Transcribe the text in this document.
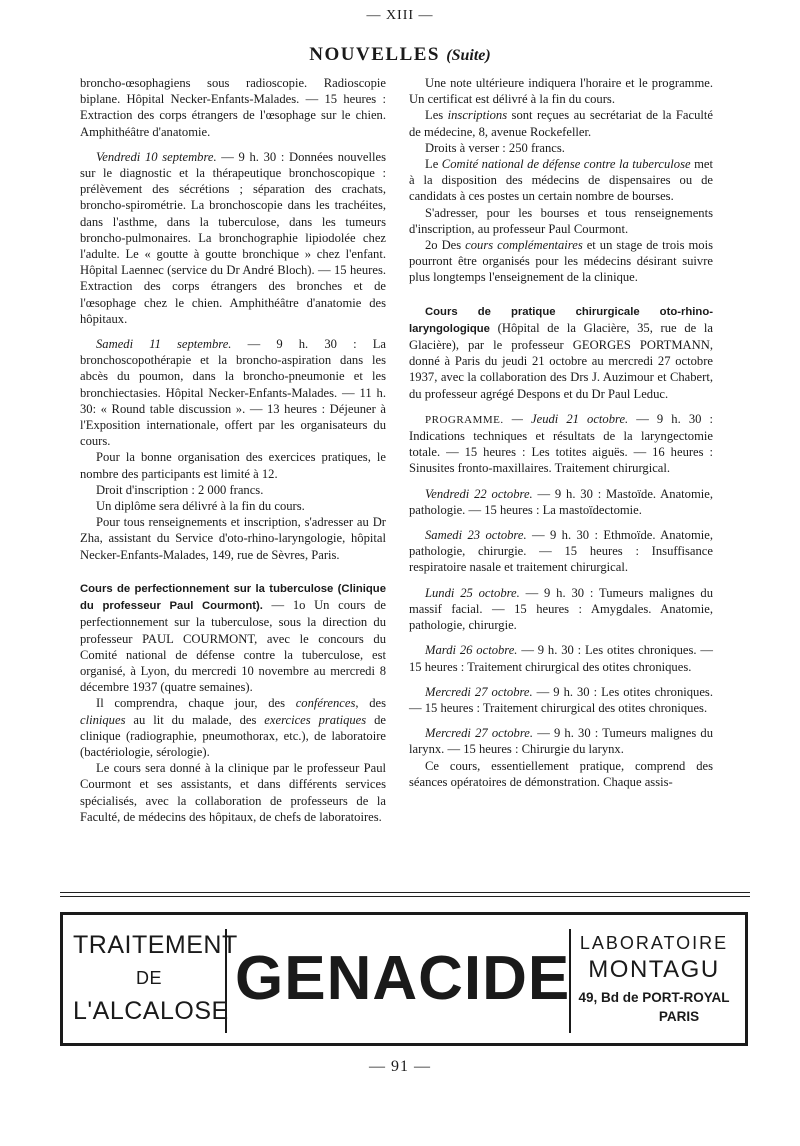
— XIII —
NOUVELLES (Suite)

broncho-œsophagiens sous radioscopie. Radioscopie biplane. Hôpital Necker-Enfants-Malades. — 15 heures : Extraction des corps étrangers de l'œsophage sur le chien. Amphithéâtre d'anatomie.

Vendredi 10 septembre. — 9 h. 30 : Données nouvelles sur le diagnostic et la thérapeutique bronchoscopique : prélèvement des sécrétions ; séparation des crachats, broncho-spirométrie. La bronchoscopie dans les trachéites, dans l'asthme, dans la tuberculose, dans les tumeurs broncho-pulmonaires. La bronchographie lipiodolée chez l'adulte. Le « goutte à goutte bronchique » chez l'enfant. Hôpital Laennec (service du Dr André Bloch). — 15 heures. Extraction des corps étrangers des bronches et de l'œsophage chez le chien. Amphithéâtre d'anatomie des hôpitaux.

Samedi 11 septembre. — 9 h. 30 : La bronchoscopothérapie et la broncho-aspiration dans les abcès du poumon, dans la broncho-pneumonie et les bronchiectasies. Hôpital Necker-Enfants-Malades. — 11 h. 30: « Round table discussion ». — 13 heures : Déjeuner à l'Exposition internationale, offert par les organisateurs du cours.

Pour la bonne organisation des exercices pratiques, le nombre des participants est limité à 12.

Droit d'inscription : 2 000 francs.

Un diplôme sera délivré à la fin du cours.

Pour tous renseignements et inscription, s'adresser au Dr Zha, assistant du Service d'oto-rhino-laryngologie, hôpital Necker-Enfants-Malades, 149, rue de Sèvres, Paris.

Cours de perfectionnement sur la tuberculose (Clinique du professeur Paul Courmont). — 1o Un cours de perfectionnement sur la tuberculose, sous la direction du professeur PAUL COURMONT, avec le concours du Comité national de défense contre la tuberculose, est organisé, à Lyon, du mercredi 10 novembre au mercredi 8 décembre 1937 (quatre semaines).

Il comprendra, chaque jour, des conférences, des cliniques au lit du malade, des exercices pratiques de clinique (radiographie, pneumothorax, etc.), de laboratoire (bactériologie, sérologie).

Le cours sera donné à la clinique par le professeur Paul Courmont et ses assistants, et dans différents services spécialisés, avec la collaboration de professeurs de la Faculté, de médecins des hôpitaux, de chefs de laboratoires.

Une note ultérieure indiquera l'horaire et le programme. Un certificat est délivré à la fin du cours.

Les inscriptions sont reçues au secrétariat de la Faculté de médecine, 8, avenue Rockefeller.

Droits à verser : 250 francs.

Le Comité national de défense contre la tuberculose met à la disposition des médecins de dispensaires ou de candidats à ces postes un certain nombre de bourses.

S'adresser, pour les bourses et tous renseignements d'inscription, au professeur Paul Courmont.

2o Des cours complémentaires et un stage de trois mois pourront être organisés pour les médecins désirant suivre plus longtemps l'enseignement de la clinique.

Cours de pratique chirurgicale oto-rhino-laryngologique (Hôpital de la Glacière, 35, rue de la Glacière), par le professeur GEORGES PORTMANN, donné à Paris du jeudi 21 octobre au mercredi 27 octobre 1937, avec la collaboration des Drs J. Auzimour et Chabert, du professeur agrégé Despons et du Dr Paul Leduc.

PROGRAMME. — Jeudi 21 octobre. — 9 h. 30 : Indications techniques et résultats de la laryngectomie totale. — 15 heures : Les totites aiguës. — 16 heures : Sinusites fronto-maxillaires. Traitement chirurgical.

Vendredi 22 octobre. — 9 h. 30 : Mastoïde. Anatomie, pathologie. — 15 heures : La mastoïdectomie.

Samedi 23 octobre. — 9 h. 30 : Ethmoïde. Anatomie, pathologie, chirurgie. — 15 heures : Insuffisance respiratoire nasale et traitement chirurgical.

Lundi 25 octobre. — 9 h. 30 : Tumeurs malignes du massif facial. — 15 heures : Amygdales. Anatomie, pathologie, chirurgie.

Mardi 26 octobre. — 9 h. 30 : Les otites chroniques. — 15 heures : Traitement chirurgical des otites chroniques.

Mercredi 27 octobre. — 9 h. 30 : Les otites chroniques. — 15 heures : Traitement chirurgical des otites chroniques.

Mercredi 27 octobre. — 9 h. 30 : Tumeurs malignes du larynx. — 15 heures : Chirurgie du larynx.

Ce cours, essentiellement pratique, comprend des séances opératoires de démonstration. Chaque assis-

TRAITEMENT
DE
L'ALCALOSE GENACIDE
LABORATOIRE
MONTAGU
49, Bd de PORT-ROYAL
PARIS
— 91 —
